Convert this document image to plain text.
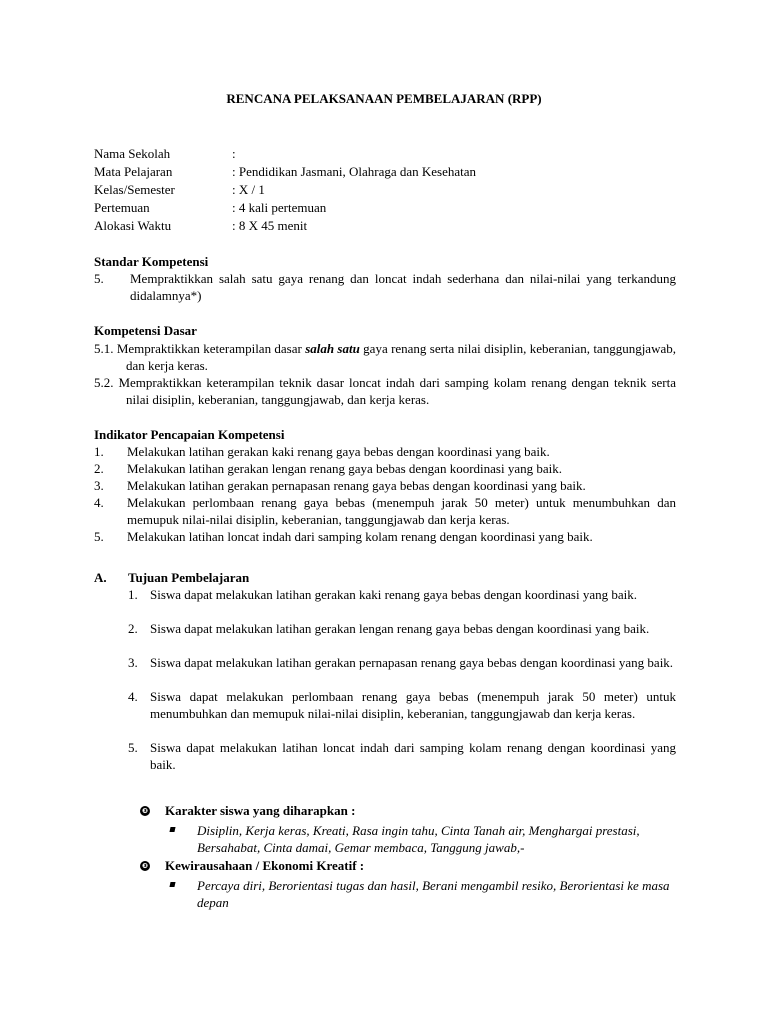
RENCANA PELAKSANAAN PEMBELAJARAN (RPP)
Nama Sekolah	:
Mata Pelajaran	: Pendidikan Jasmani, Olahraga dan Kesehatan
Kelas/Semester	: X / 1
Pertemuan	: 4 kali pertemuan
Alokasi Waktu	: 8 X 45 menit
Standar Kompetensi
5.	Mempraktikkan salah satu gaya renang dan loncat indah sederhana dan nilai-nilai yang terkandung didalamnya*)
Kompetensi Dasar
5.1. Mempraktikkan keterampilan dasar salah satu gaya renang serta nilai disiplin, keberanian, tanggungjawab, dan kerja keras.
5.2. Mempraktikkan keterampilan teknik dasar loncat indah dari samping kolam renang dengan teknik serta nilai disiplin, keberanian, tanggungjawab, dan kerja keras.
Indikator Pencapaian Kompetensi
1.	Melakukan latihan gerakan kaki renang gaya bebas dengan koordinasi yang baik.
2.	Melakukan latihan gerakan lengan renang gaya bebas dengan koordinasi yang baik.
3.	Melakukan latihan gerakan pernapasan renang gaya bebas dengan koordinasi yang baik.
4.	Melakukan perlombaan renang gaya bebas (menempuh jarak 50 meter) untuk menumbuhkan dan memupuk nilai-nilai disiplin, keberanian, tanggungjawab dan kerja keras.
5.	Melakukan latihan loncat indah dari samping kolam renang dengan koordinasi yang baik.
A.	Tujuan Pembelajaran
1. Siswa dapat melakukan latihan gerakan kaki renang gaya bebas dengan koordinasi yang baik.
2. Siswa dapat melakukan latihan gerakan lengan renang gaya bebas dengan koordinasi yang baik.
3. Siswa dapat melakukan latihan gerakan pernapasan renang gaya bebas dengan koordinasi yang baik.
4. Siswa dapat melakukan perlombaan renang gaya bebas (menempuh jarak 50 meter) untuk menumbuhkan dan memupuk nilai-nilai disiplin, keberanian, tanggungjawab dan kerja keras.
5. Siswa dapat melakukan latihan loncat indah dari samping kolam renang dengan koordinasi yang baik.
❸ Karakter siswa yang diharapkan :
Disiplin, Kerja keras, Kreati, Rasa ingin tahu, Cinta Tanah air, Menghargai prestasi, Bersahabat, Cinta damai, Gemar membaca, Tanggung jawab,-
❸ Kewirausahaan / Ekonomi Kreatif :
Percaya diri, Berorientasi tugas dan hasil, Berani mengambil resiko, Berorientasi ke masa depan
